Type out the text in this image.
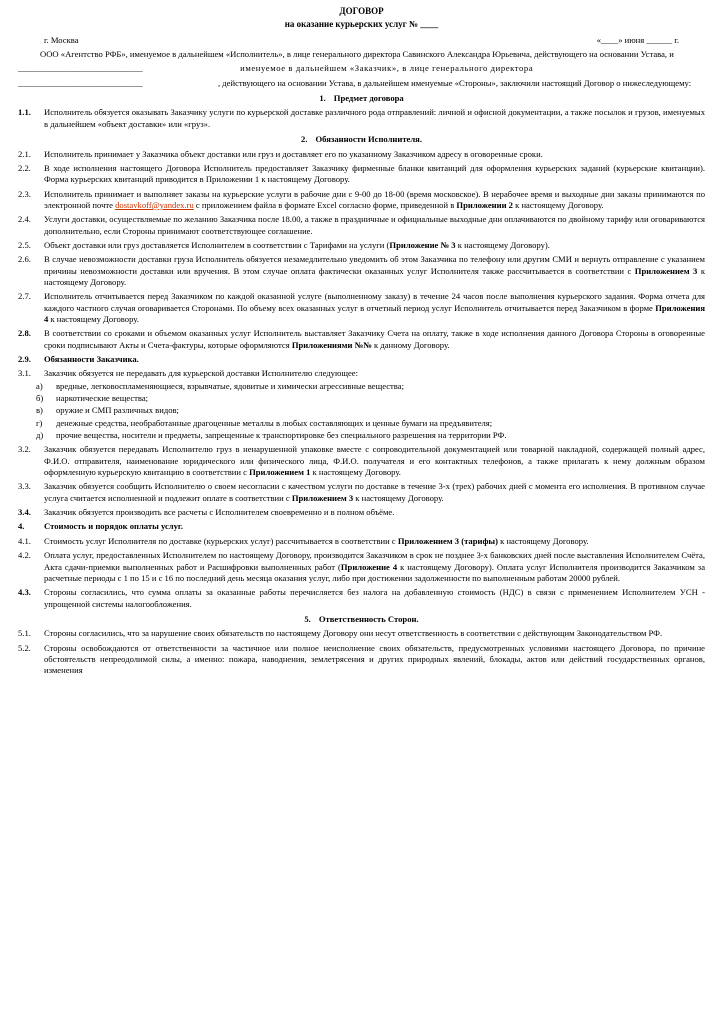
ДОГОВОР
на оказание курьерских услуг № ____
г. Москва	«____» июня ______ г.
ООО «Агентство РФБ», именуемое в дальнейшем «Исполнитель», в лице генерального директора Савинского Александра Юрьевича, действующего на основании Устава, и
_____________________________	именуемое в дальнейшем «Заказчик», в лице генерального директора
_____________________________	, действующего на основании Устава, в дальнейшем именуемые «Стороны», заключили настоящий Договор о нижеследующему:
1. Предмет договора
1.1.	Исполнитель обязуется оказывать Заказчику услуги по курьерской доставке различного рода отправлений: личной и офисной документации, а также посылок и грузов, именуемых в дальнейшем «объект доставки» или «груз».
2. Обязанности Исполнителя.
2.1.	Исполнитель принимает у Заказчика объект доставки или груз и доставляет его по указанному Заказчиком адресу в оговоренные сроки.
2.2.	В ходе исполнения настоящего Договора Исполнитель предоставляет Заказчику фирменные бланки квитанций для оформления курьерских заданий (курьерские квитанции). Форма курьерских квитанций приводится в Приложении 1 к настоящему Договору.
2.3.	Исполнитель принимает и выполняет заказы на курьерские услуги в рабочие дни с 9-00 до 18-00 (время московское). В нерабочее время и выходные дни заказы принимаются по электронной почте dostavkoff@yandex.ru с приложением файла в формате Excel согласно форме, приведенной в Приложении 2 к настоящему Договору.
2.4.	Услуги доставки, осуществляемые по желанию Заказчика после 18.00, а также в праздничные и официальные выходные дни оплачиваются по двойному тарифу или оговариваются дополнительно, если Стороны принимают соответствующее соглашение.
2.5.	Объект доставки или груз доставляется Исполнителем в соответствии с Тарифами на услуги (Приложение № 3 к настоящему Договору).
2.6.	В случае невозможности доставки груза Исполнитель обязуется незамедлительно уведомить об этом Заказчика по телефону или другим СМИ и вернуть отправление с указанием причины невозможности доставки или вручения. В этом случае оплата фактически оказанных услуг Исполнителя также рассчитывается в соответствии с Приложением 3 к настоящему Договору.
2.7.	Исполнитель отчитывается перед Заказчиком по каждой оказанной услуге (выполненному заказу) в течение 24 часов после выполнения курьерского задания. Форма отчета для каждого частного случая оговаривается Сторонами. По объему всех оказанных услуг в отчетный период услуг Исполнитель отчитывается перед Заказчиком в форме Приложения 4 к настоящему Договору.
2.8.	В соответствии со сроками и объемом оказанных услуг Исполнитель выставляет Заказчику Счета на оплату, также в ходе исполнения данного Договора Стороны в оговоренные сроки подписывают Акты и Счета-фактуры, которые оформляются Приложениями №№ к данному Договору.
2.9.	Обязанности Заказчика.
3.1.	Заказчик обязуется не передавать для курьерской доставки Исполнителю следующее:
а)	вредные, легковоспламеняющиеся, взрывчатые, ядовитые и химически агрессивные вещества;
б)	наркотические вещества;
в)	оружие и СМП различных видов;
г)	денежные средства, необработанные драгоценные металлы в любых составляющих и ценные бумаги на предъявителя;
д)	прочие вещества, носители и предметы, запрещенные к транспортировке без специального разрешения на территории РФ.
3.2.	Заказчик обязуется передавать Исполнителю груз в ненарушенной упаковке вместе с сопроводительной документацией или товарной накладной, содержащей полный адрес, Ф.И.О. отправителя, наименование юридического или физического лица, Ф.И.О. получателя и его контактных телефонов, а также прилагать к нему должным образом оформленную курьерскую квитанцию в соответствии с Приложением 1 к настоящему Договору.
3.3.	Заказчик обязуется сообщить Исполнителю о своем несогласии с качеством услуги по доставке в течение 3-х (трех) рабочих дней с момента его исполнения. В противном случае услуга считается исполненной и подлежит оплате в соответствии с Приложением 3 к настоящему Договору.
3.4.	Заказчик обязуется производить все расчеты с Исполнителем своевременно и в полном объёме.
4.	Стоимость и порядок оплаты услуг.
4.1.	Стоимость услуг Исполнителя по доставке (курьерских услуг) рассчитывается в соответствии с Приложением 3 (тарифы) к настоящему Договору.
4.2.	Оплата услуг, предоставленных Исполнителем по настоящему Договору, производится Заказчиком в срок не позднее 3-х банковских дней после выставления Исполнителем Счёта, Акта сдачи-приемки выполненных работ и Расшифровки выполненных работ (Приложение 4 к настоящему Договору). Оплата услуг Исполнителя производится Заказчиком за расчетные периоды с 1 по 15 и с 16 по последний день месяца оказания услуг, либо при достижении задолженности по выполненным работам 20000 рублей.
4.3.	Стороны согласились, что сумма оплаты за оказанные работы перечисляется без налога на добавленную стоимость (НДС) в связи с применением Исполнителем УСН - упрощенной системы налогообложения.
5. Ответственность Сторон.
5.1.	Стороны согласились, что за нарушение своих обязательств по настоящему Договору они несут ответственность в соответствии с действующим Законодательством РФ.
5.2.	Стороны освобождаются от ответственности за частичное или полное неисполнение своих обязательств, предусмотренных условиями настоящего Договора, по причине обстоятельств непреодолимой силы, а именно: пожара, наводнения, землетрясения и других природных явлений, блокады, актов или действий государственных органов, изменения
